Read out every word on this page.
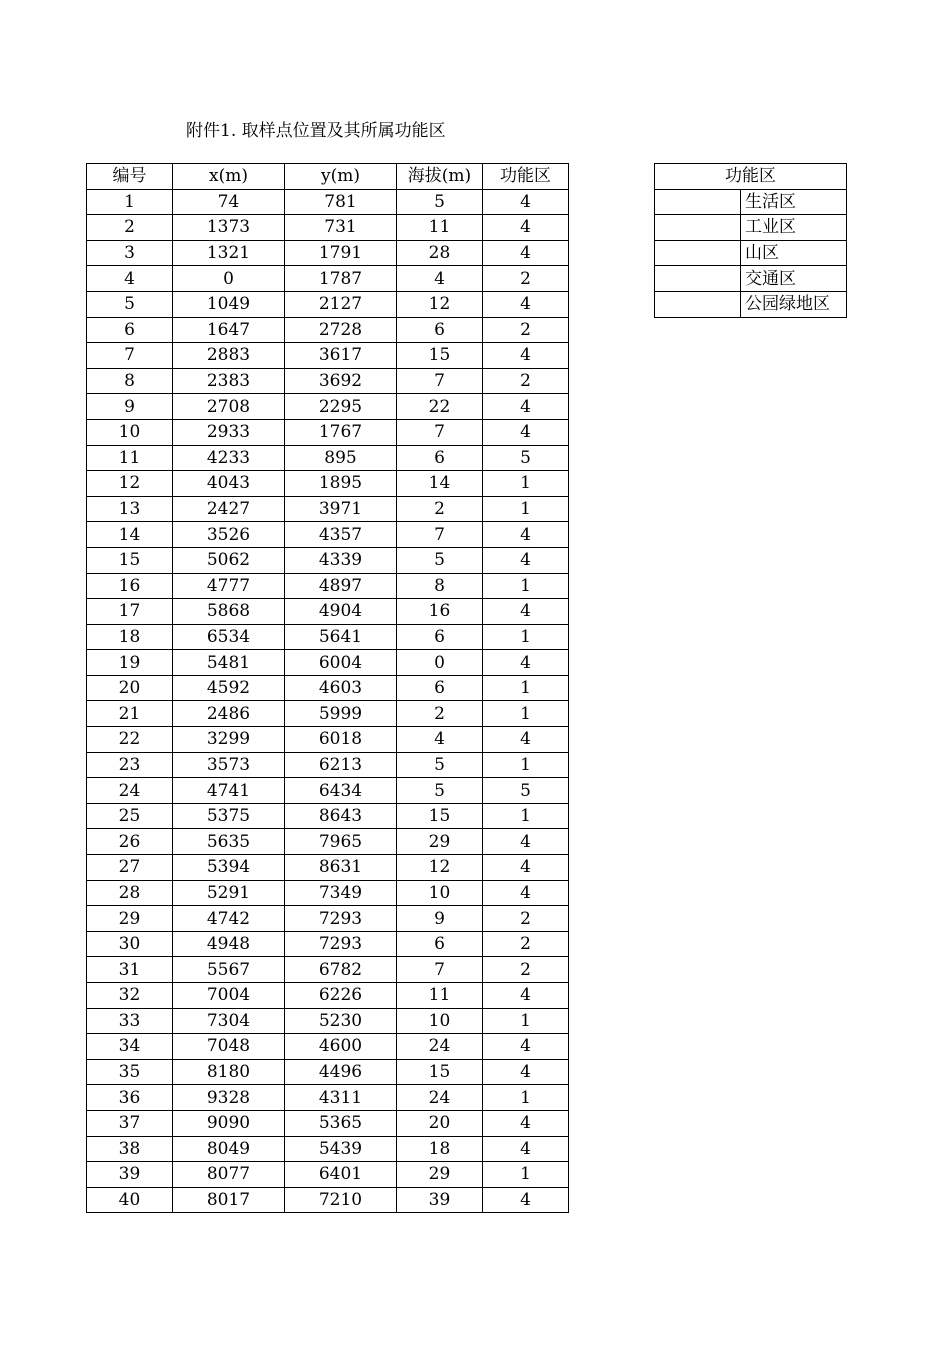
附件1. 取样点位置及其所属功能区
编号	x(m)	y(m)	海拔(m)	功能区
1	74	781	5	4
2	1373	731	11	4
3	1321	1791	28	4
4	0	1787	4	2
5	1049	2127	12	4
6	1647	2728	6	2
7	2883	3617	15	4
8	2383	3692	7	2
9	2708	2295	22	4
10	2933	1767	7	4
11	4233	895	6	5
12	4043	1895	14	1
13	2427	3971	2	1
14	3526	4357	7	4
15	5062	4339	5	4
16	4777	4897	8	1
17	5868	4904	16	4
18	6534	5641	6	1
19	5481	6004	0	4
20	4592	4603	6	1
21	2486	5999	2	1
22	3299	6018	4	4
23	3573	6213	5	1
24	4741	6434	5	5
25	5375	8643	15	1
26	5635	7965	29	4
27	5394	8631	12	4
28	5291	7349	10	4
29	4742	7293	9	2
30	4948	7293	6	2
31	5567	6782	7	2
32	7004	6226	11	4
33	7304	5230	10	1
34	7048	4600	24	4
35	8180	4496	15	4
36	9328	4311	24	1
37	9090	5365	20	4
38	8049	5439	18	4
39	8077	6401	29	1
40	8017	7210	39	4
功能区	
	生活区
	工业区
	山区
	交通区
	公园绿地区
